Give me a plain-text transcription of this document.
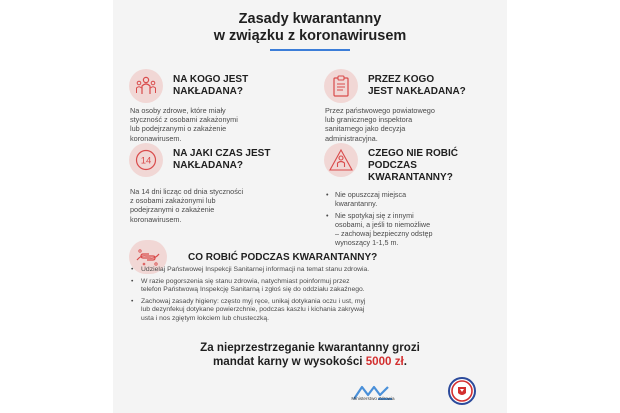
Zasady kwarantanny
w związku z koronawirusem
NA KOGO JEST
NAKŁADANA?
Na osoby zdrowe, które miały
styczność z osobami zakażonymi
lub podejrzanymi o zakażenie
koronawirusem.
PRZEZ KOGO
JEST NAKŁADANA?
Przez państwowego powiatowego
lub granicznego inspektora
sanitarnego jako decyzja
administracyjna.
14
NA JAKI CZAS JEST
NAKŁADANA?
Na 14 dni licząc od dnia styczności
z osobami zakażonymi lub
podejrzanymi o zakażenie
koronawirusem.
CZEGO NIE ROBIĆ
PODCZAS
KWARANTANNY?
• Nie opuszczaj miejsca
kwarantanny.
• Nie spotykaj się z innymi
osobami, a jeśli to niemożliwe
– zachowaj bezpieczny odstęp
wynoszący 1-1,5 m.
CO ROBIĆ PODCZAS KWARANTANNY?
• Udzielaj Państwowej Inspekcji Sanitarnej informacji na temat stanu zdrowia.
• W razie pogorszenia się stanu zdrowia, natychmiast poinformuj przez
telefon Państwową Inspekcję Sanitarną i zgłoś się do oddziału zakaźnego.
• Zachowaj zasady higieny: często myj ręce, unikaj dotykania oczu i ust, myj
lub dezynfekuj dotykane powierzchnie, podczas kaszlu i kichania zakrywaj
usta i nos zgiętym łokciem lub chusteczką.
Za nieprzestrzeganie kwarantanny grozi
mandat karny w wysokości 5000 zł.
Ministerstwo Zdrowia
